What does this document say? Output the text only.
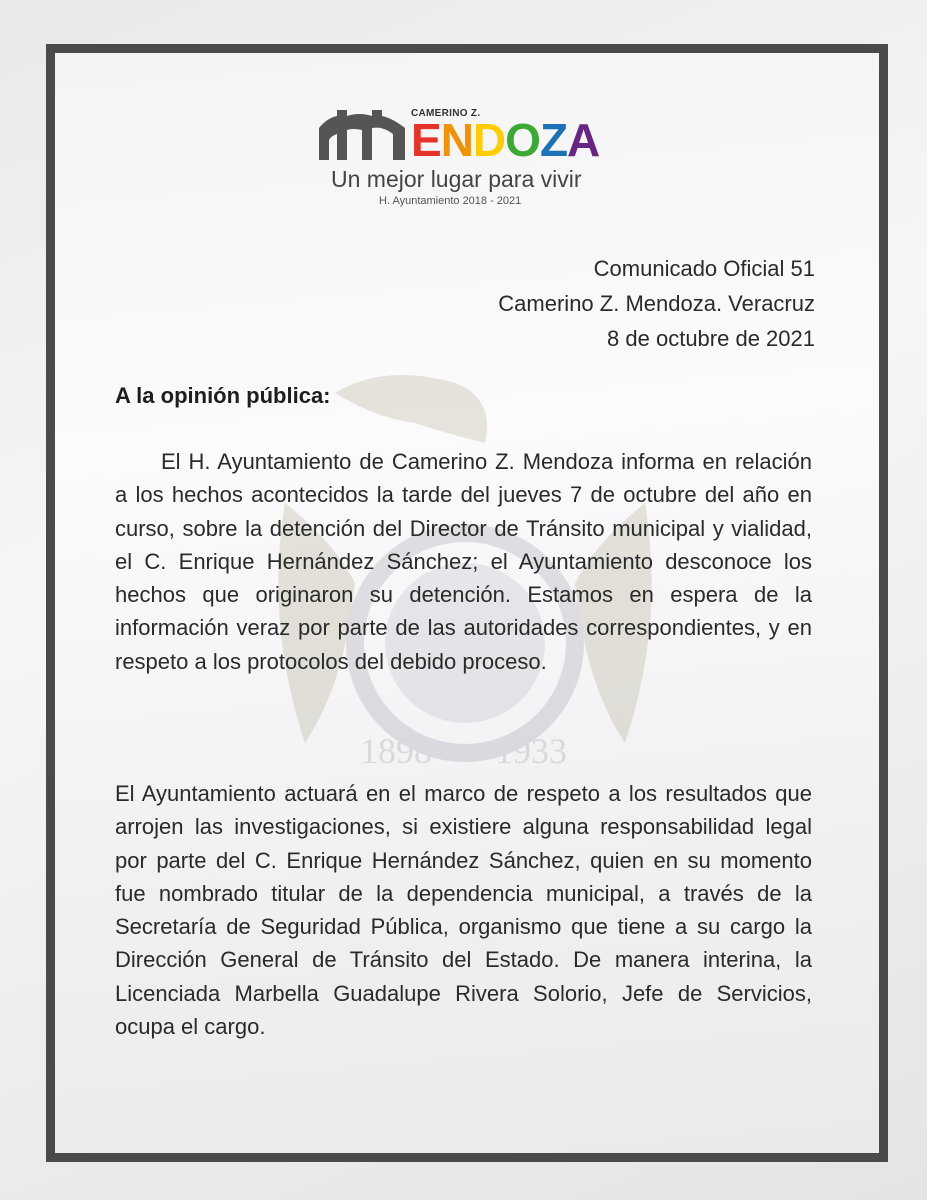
1898 1933
CAMERINO Z.
ENDOZA
Un mejor lugar para vivir
H. Ayuntamiento 2018 - 2021
Comunicado Oficial 51
Camerino Z. Mendoza. Veracruz
8 de octubre de 2021
A la opinión pública:

El H. Ayuntamiento de Camerino Z. Mendoza informa en relación a los hechos acontecidos la tarde del jueves 7 de octubre del año en curso, sobre la detención del Director de Tránsito municipal y vialidad, el C. Enrique Hernández Sánchez; el Ayuntamiento desconoce los hechos que originaron su detención. Estamos en espera de la información veraz por parte de las autoridades correspondientes, y en respeto a los protocolos del debido proceso.

El Ayuntamiento actuará en el marco de respeto a los resultados que arrojen las investigaciones, si existiere alguna responsabilidad legal por parte del C. Enrique Hernández Sánchez, quien en su momento fue nombrado titular de la dependencia municipal, a través de la Secretaría de Seguridad Pública, organismo que tiene a su cargo la Dirección General de Tránsito del Estado. De manera interina, la Licenciada Marbella Guadalupe Rivera Solorio, Jefe de Servicios, ocupa el cargo.
